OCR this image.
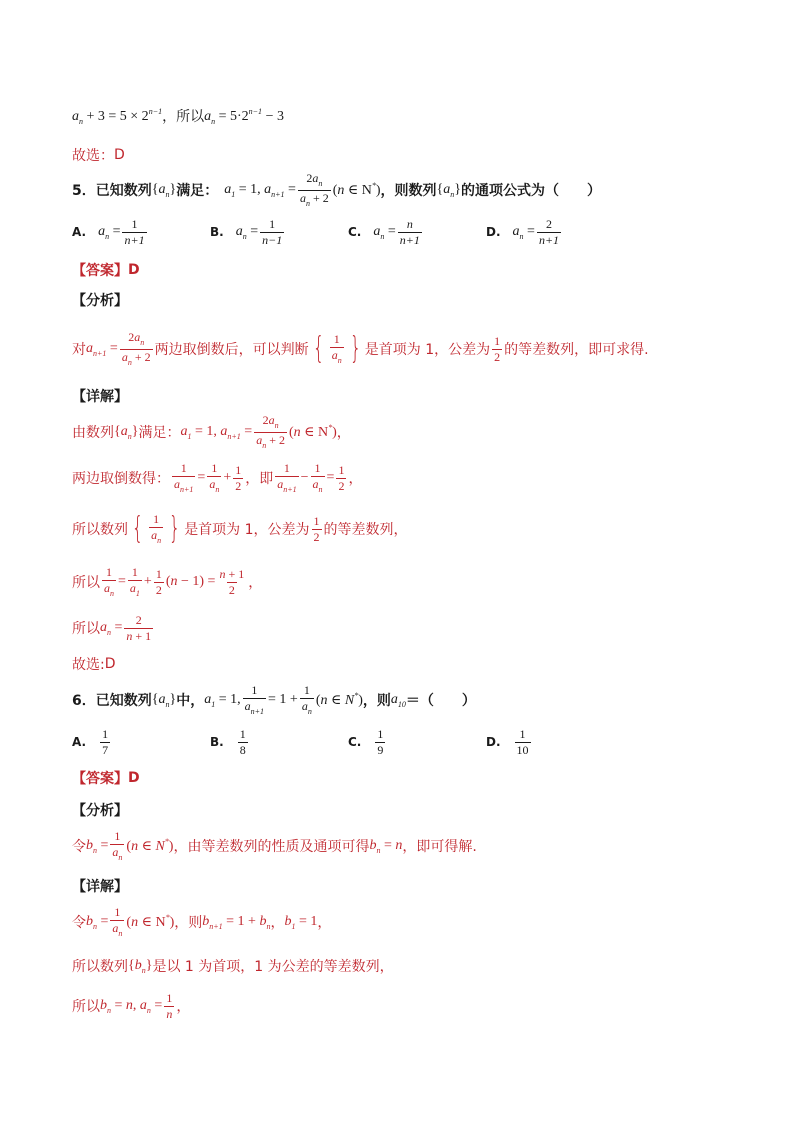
$a_n + 3 = 5 \times 2^{n-1}$ ，所以 $a_n = 5\cdot 2^{n-1} - 3$
故选： D
5． 已知数列 $\{a_n\}$ 满足： $a_1 = 1$, $a_{n+1} = \frac{2a_n}{a_n + 2} (n$ ∈ N*) ，则数列 $\{a_n\}$ 的通项公式为（　　）
A. $a_n = \frac{1}{n+1}$	B. $a_n = \frac{1}{n-1}$	C. $a_n = \frac{n}{n+1}$	D. $a_n = \frac{2}{n+1}$
【答案】 D
【分析】
对 $a_{n+1} = \frac{2a_n}{a_n + 2}$ 两边取倒数后，可以判断 { $\frac{1}{a_n}$ } 是首项为 1，公差为 $\frac{1}{2}$ 的等差数列，即可求得.
【详解】
由数列 $\{a_n\}$ 满足： $a_1 = 1$, $a_{n+1} = \frac{2a_n}{a_n + 2} (n$ ∈ N*) ，
两边取倒数得： $\frac{1}{a_{n+1}} = \frac{1}{a_n} + \frac{1}{2}$ ，即 $\frac{1}{a_{n+1}} - \frac{1}{a_n} = \frac{1}{2}$ ，
所以数列 { $\frac{1}{a_n}$ } 是首项为 1，公差为 $\frac{1}{2}$ 的等差数列，
所以 $\frac{1}{a_n} = \frac{1}{a_1} + \frac{1}{2} (n - 1) = \frac{n + 1}{2}$ ，
所以 $a_n = \frac{2}{n + 1}$
故选: D
6． 已知数列 $\{a_n\}$ 中， $a_1 = 1$, $\frac{1}{a_{n+1}} = 1 + \frac{1}{a_n} (n$ ∈ N*) ，则 $a_{10}$ ＝（　　）
A. $\frac{1}{7}$	B. $\frac{1}{8}$	C. $\frac{1}{9}$	D. $\frac{1}{10}$
【答案】 D
【分析】
令 $b_n = \frac{1}{a_n} (n$ ∈ N*) ，由等差数列的性质及通项可得 $b_n = n$ ，即可得解.
【详解】
令 $b_n = \frac{1}{a_n} (n$ ∈ N*) ，则 $b_{n+1} = 1 + b_n$ ， $b_1 = 1$ ，
所以数列 $\{b_n\}$ 是以 1 为首项，1 为公差的等差数列，
所以 $b_n = n$, $a_n = \frac{1}{n}$ ，
